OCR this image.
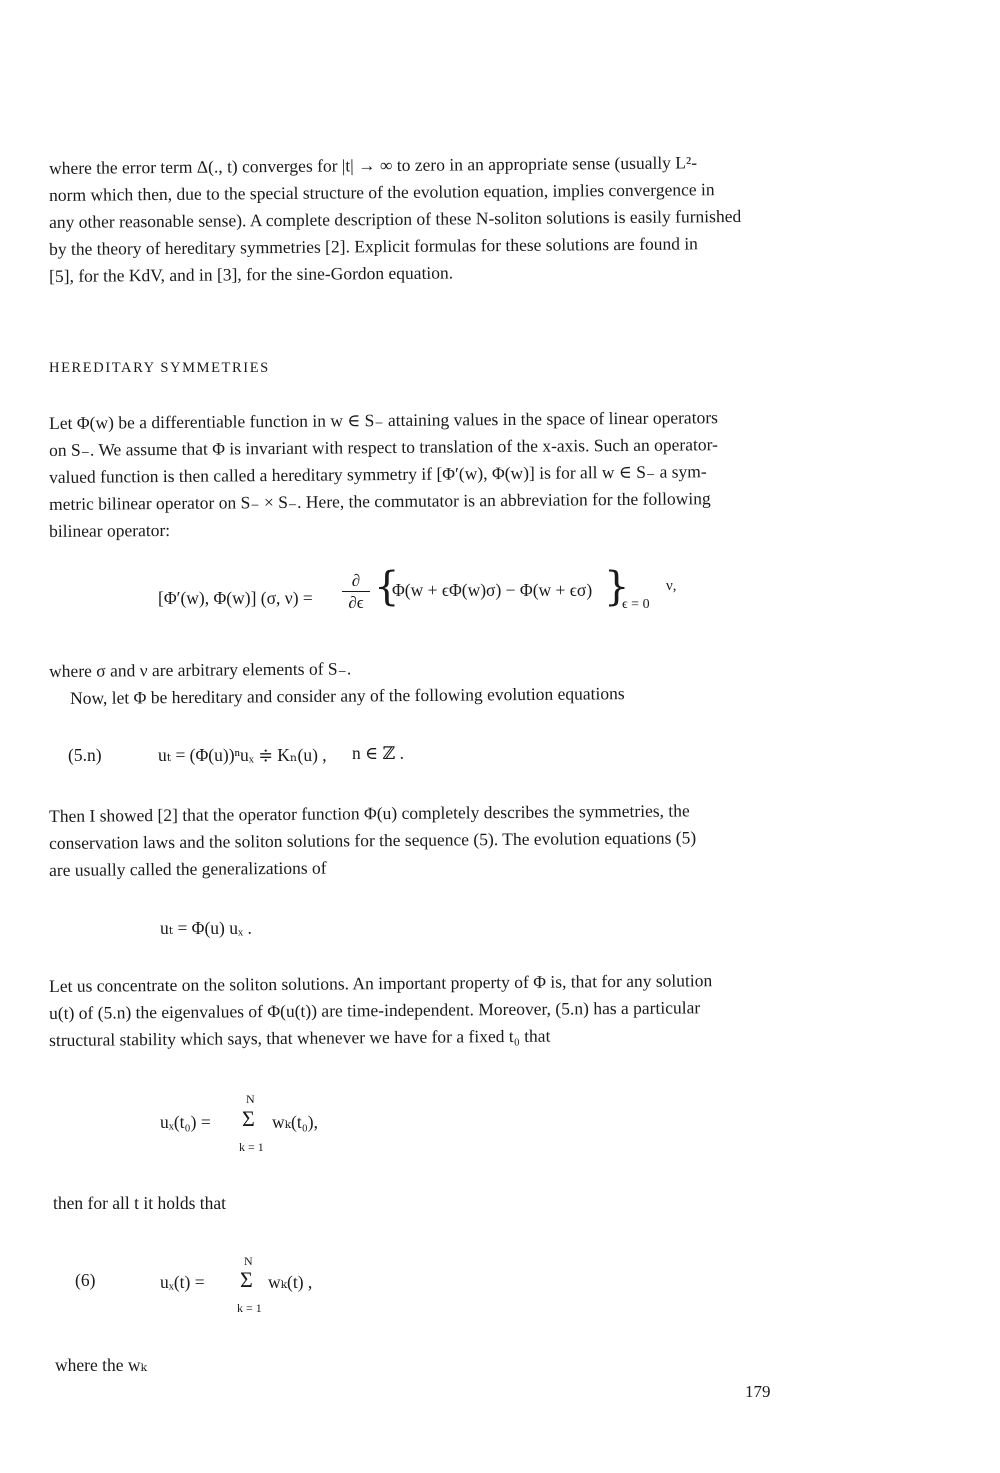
where the error term Δ(., t) converges for |t| → ∞ to zero in an appropriate sense (usually L²-
norm which then, due to the special structure of the evolution equation, implies convergence in
any other reasonable sense). A complete description of these N-soliton solutions is easily furnished
by the theory of hereditary symmetries [2]. Explicit formulas for these solutions are found in
[5], for the KdV, and in [3], for the sine-Gordon equation.
HEREDITARY SYMMETRIES
Let Φ(w) be a differentiable function in w ∈ S₋ attaining values in the space of linear operators
on S₋. We assume that Φ is invariant with respect to translation of the x-axis. Such an operator-
valued function is then called a hereditary symmetry if [Φ′(w), Φ(w)] is for all w ∈ S₋ a sym-
metric bilinear operator on S₋ × S₋. Here, the commutator is an abbreviation for the following
bilinear operator:
[Φ′(w), Φ(w)] (σ, ν) =
∂
∂ϵ {
Φ(w + ϵΦ(w)σ) − Φ(w + ϵσ) }
ϵ = 0
ν,
where σ and ν are arbitrary elements of S₋.
Now, let Φ be hereditary and consider any of the following evolution equations
(5.n)	uₜ = (Φ(u))ⁿuₓ ≑ Kₙ(u) , n ∈ ℤ .
Then I showed [2] that the operator function Φ(u) completely describes the symmetries, the
conservation laws and the soliton solutions for the sequence (5). The evolution equations (5)
are usually called the generalizations of
uₜ = Φ(u) uₓ .
Let us concentrate on the soliton solutions. An important property of Φ is, that for any solution
u(t) of (5.n) the eigenvalues of Φ(u(t)) are time-independent. Moreover, (5.n) has a particular
structural stability which says, that whenever we have for a fixed t₀ that
uₓ(t₀) =
N
Σ
k = 1
wₖ(t₀),
then for all t it holds that
(6)	uₓ(t) =
N
Σ
k = 1
wₖ(t) ,
where the wₖ
179
